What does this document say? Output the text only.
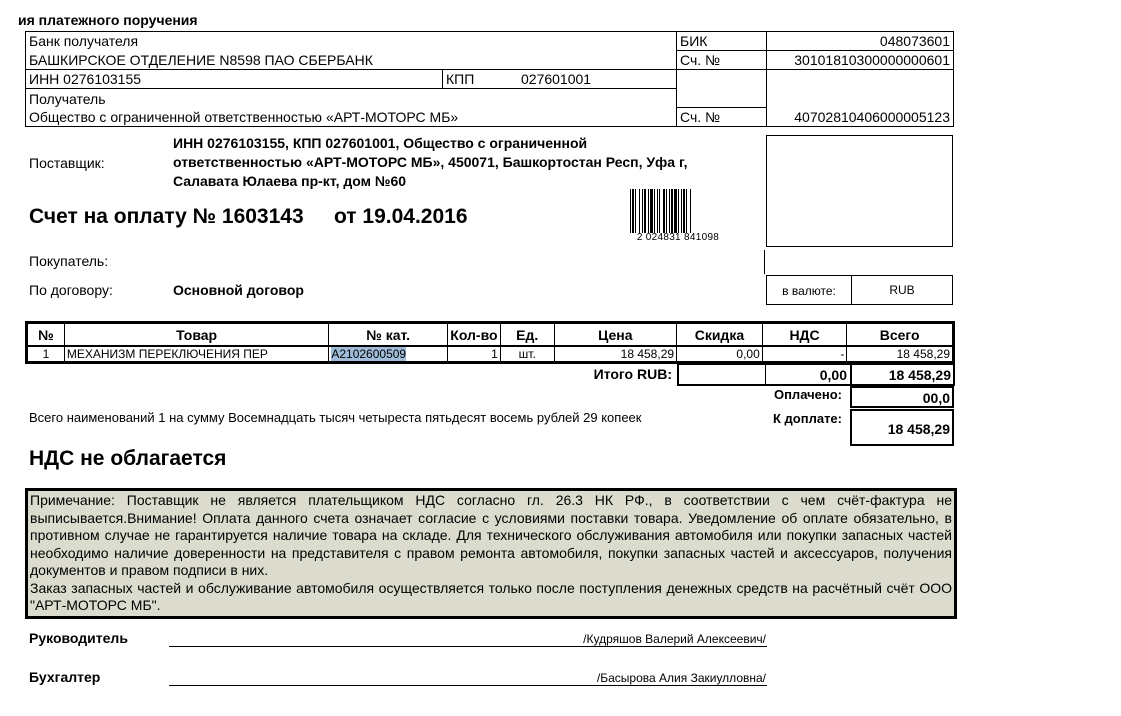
ия платежного поручения
Банк получателя
БАШКИРСКОЕ ОТДЕЛЕНИЕ N8598 ПАО СБЕРБАНК
БИК	048073601
Сч. №	30101810300000000601
ИНН 0276103155	КПП	027601001
Получатель
Общество с ограниченной ответственностью «АРТ-МОТОРС МБ»	Сч. №	40702810406000005123
Поставщик:
ИНН 0276103155, КПП 027601001, Общество с ограниченной
ответственностью «АРТ-МОТОРС МБ», 450071, Башкортостан Респ, Уфа г,
Салавата Юлаева пр-кт, дом №60
Счет на оплату № 1603143 от 19.04.2016
2 024831 841098
Покупатель:
По договору:	Основной договор	в валюте:	RUB
№	Товар	№ кат.	Кол-во	Ед.	Цена	Скидка	НДС	Всего
1	МЕХАНИЗМ ПЕРЕКЛЮЧЕНИЯ ПЕР	A2102600509	1	шт.	18 458,29	0,00	-	18 458,29
Итого RUB:	0,00	18 458,29
Оплачено:	00,0
К доплате:
18 458,29
Всего наименований 1 на сумму Восемнадцать тысяч четыреста пятьдесят восемь рублей 29 копеек
НДС не облагается
Примечание: Поставщик не является плательщиком НДС согласно гл. 26.3 НК РФ., в соответствии с чем счёт-фактура не выписывается.Внимание! Оплата данного счета означает согласие с условиями поставки товара. Уведомление об оплате обязательно, в противном случае не гарантируется наличие товара на складе. Для технического обслуживания автомобиля или покупки запасных частей необходимо наличие доверенности на представителя с правом ремонта автомобиля, покупки запасных частей и аксессуаров, получения документов и правом подписи в них.
Заказ запасных частей и обслуживание автомобиля осуществляется только после поступления денежных средств на расчётный счёт ООО "АРТ-МОТОРС МБ".
Руководитель	/Кудряшов Валерий Алексеевич/
Бухгалтер	/Басырова Алия Закиулловна/
